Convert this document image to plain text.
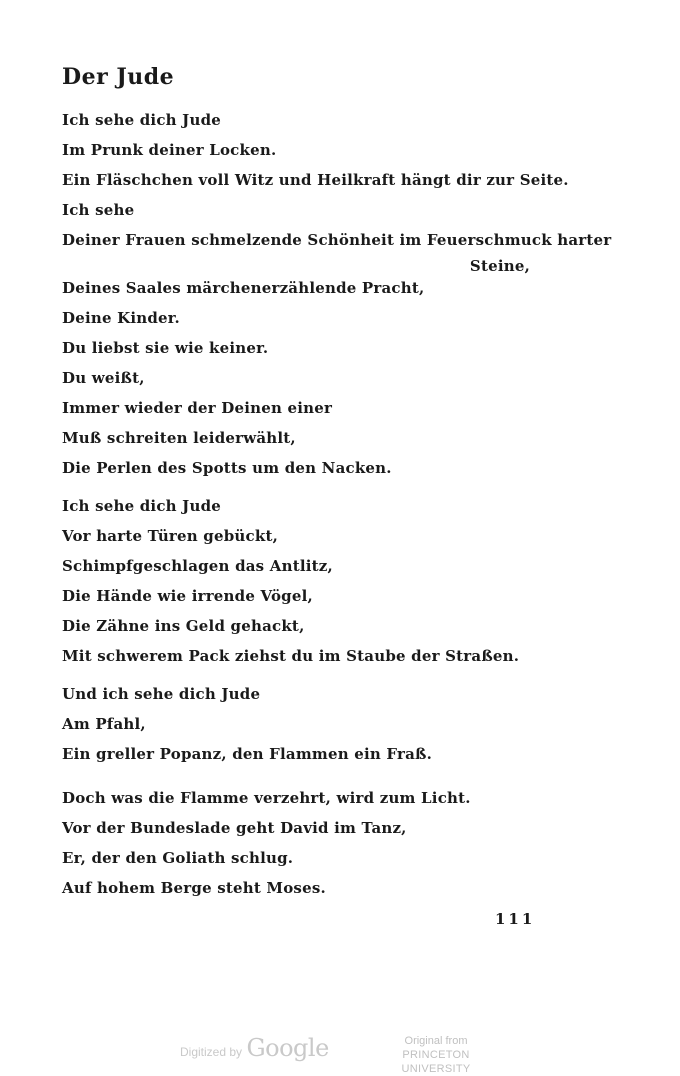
Der Jude
Ich sehe dich Jude
Im Prunk deiner Locken.
Ein Fläschchen voll Witz und Heilkraft hängt dir zur Seite.
Ich sehe
Deiner Frauen schmelzende Schönheit im Feuerschmuck harter
Steine,
Deines Saales märchenerzählende Pracht,
Deine Kinder.
Du liebst sie wie keiner.
Du weißt,
Immer wieder der Deinen einer
Muß schreiten leiderwählt,
Die Perlen des Spotts um den Nacken.
Ich sehe dich Jude
Vor harte Türen gebückt,
Schimpfgeschlagen das Antlitz,
Die Hände wie irrende Vögel,
Die Zähne ins Geld gehackt,
Mit schwerem Pack ziehst du im Staube der Straßen.
Und ich sehe dich Jude
Am Pfahl,
Ein greller Popanz, den Flammen ein Fraß.
Doch was die Flamme verzehrt, wird zum Licht.
Vor der Bundeslade geht David im Tanz,
Er, der den Goliath schlug.
Auf hohem Berge steht Moses.
111
Digitized by Google	Original from
PRINCETON UNIVERSITY
